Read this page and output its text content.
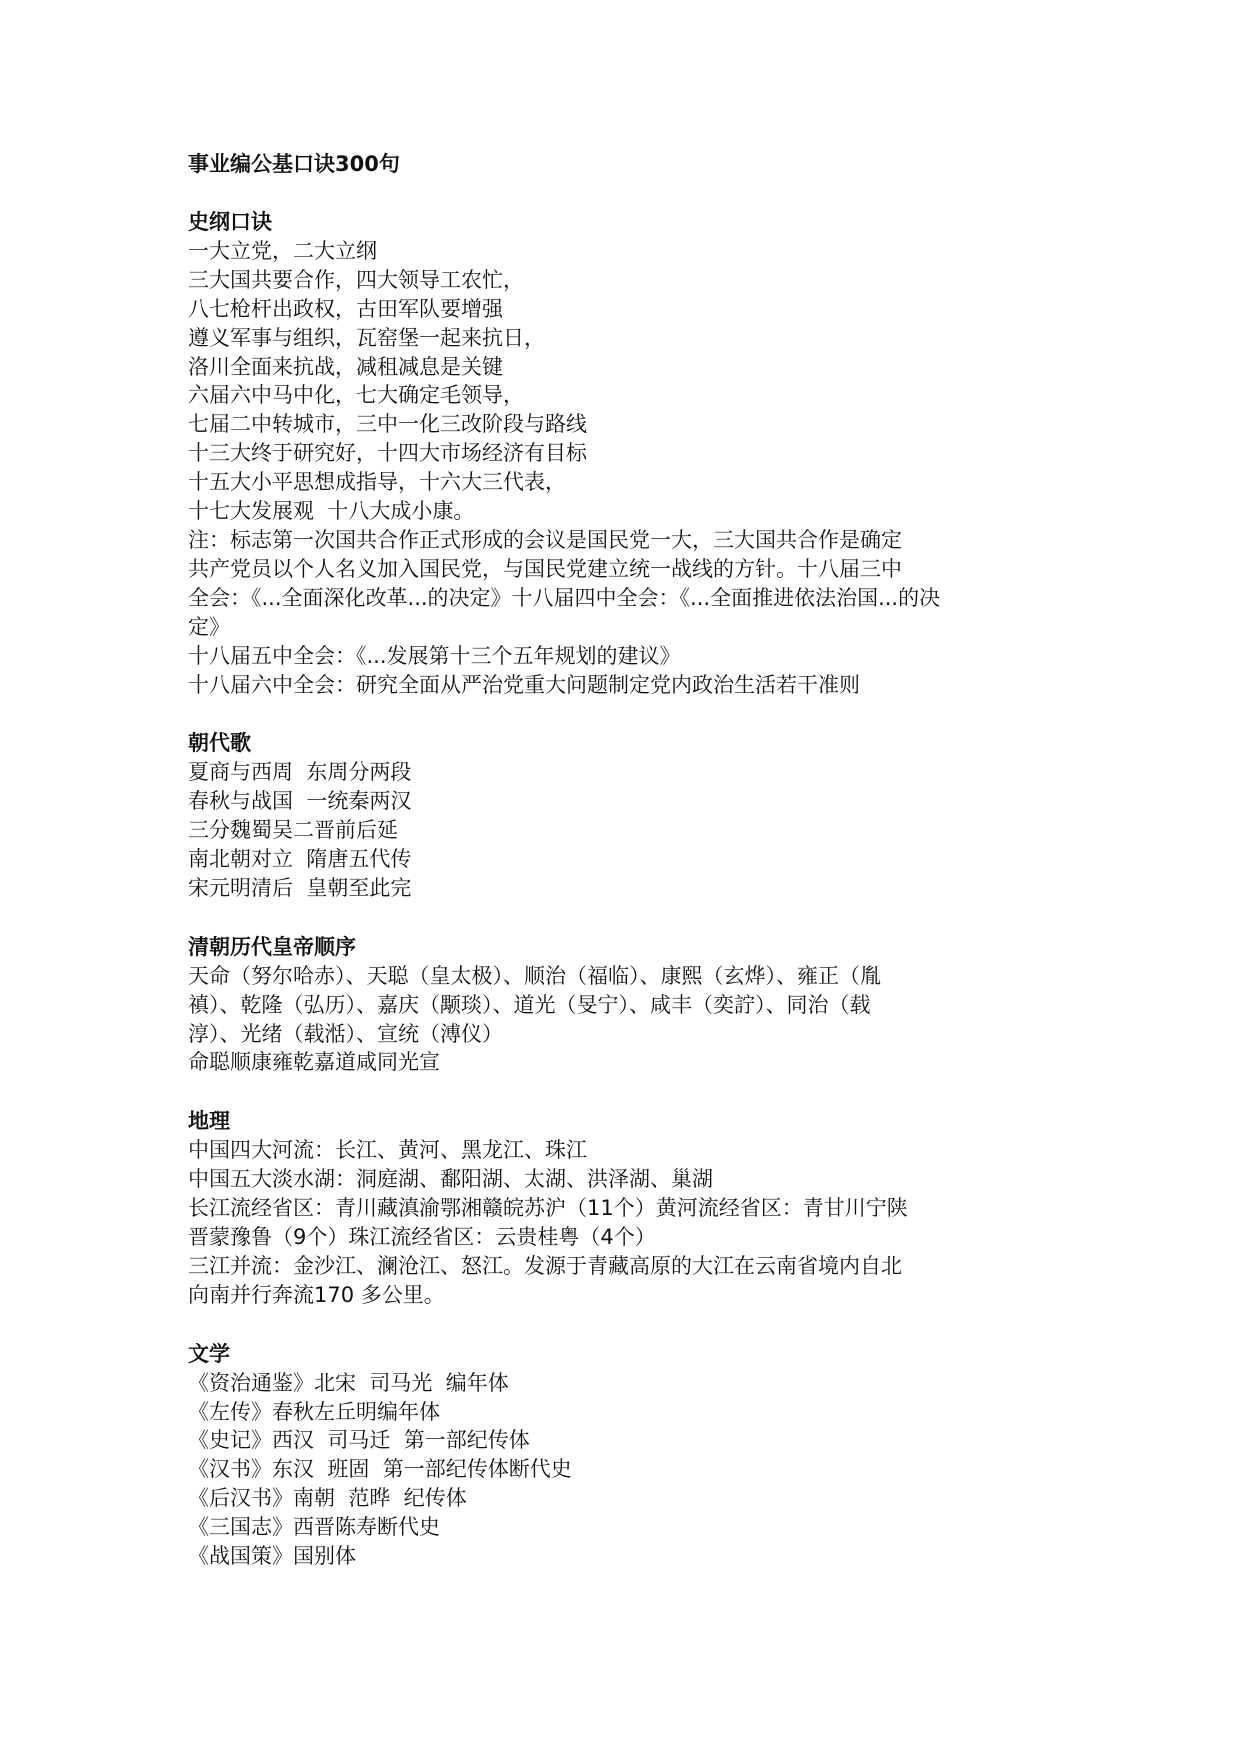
事业编公基口诀300句
史纲口诀
一大立党，二大立纲
三大国共要合作，四大领导工农忙，
八七枪杆出政权，古田军队要增强
遵义军事与组织，瓦窑堡一起来抗日，
洛川全面来抗战，减租减息是关键
六届六中马中化，七大确定毛领导，
七届二中转城市，三中一化三改阶段与路线
十三大终于研究好，十四大市场经济有目标
十五大小平思想成指导，十六大三代表，
十七大发展观  十八大成小康。
注：标志第一次国共合作正式形成的会议是国民党一大，三大国共合作是确定
共产党员以个人名义加入国民党，与国民党建立统一战线的方针。十八届三中
全会：《...全面深化改革...的决定》十八届四中全会：《...全面推进依法治国...的决
定》
十八届五中全会：《...发展第十三个五年规划的建议》
十八届六中全会：研究全面从严治党重大问题制定党内政治生活若干准则
朝代歌
夏商与西周  东周分两段
春秋与战国  一统秦两汉
三分魏蜀吴二晋前后延
南北朝对立  隋唐五代传
宋元明清后  皇朝至此完
清朝历代皇帝顺序
天命（努尔哈赤）、天聪（皇太极）、顺治（福临）、康熙（玄烨）、雍正（胤
禛）、乾隆（弘历）、嘉庆（颙琰）、道光（旻宁）、咸丰（奕詝）、同治（载
淳）、光绪（载湉）、宣统（溥仪）
命聪顺康雍乾嘉道咸同光宣
地理
中国四大河流：长江、黄河、黑龙江、珠江
中国五大淡水湖：洞庭湖、鄱阳湖、太湖、洪泽湖、巢湖
长江流经省区：青川藏滇渝鄂湘赣皖苏沪（11个）黄河流经省区：青甘川宁陕
晋蒙豫鲁（9个）珠江流经省区：云贵桂粤（4个）
三江并流：金沙江、澜沧江、怒江。发源于青藏高原的大江在云南省境内自北
向南并行奔流170 多公里。
文学
《资治通鉴》北宋  司马光  编年体
《左传》春秋左丘明编年体
《史记》西汉  司马迁  第一部纪传体
《汉书》东汉  班固  第一部纪传体断代史
《后汉书》南朝  范晔  纪传体
《三国志》西晋陈寿断代史
《战国策》国别体
